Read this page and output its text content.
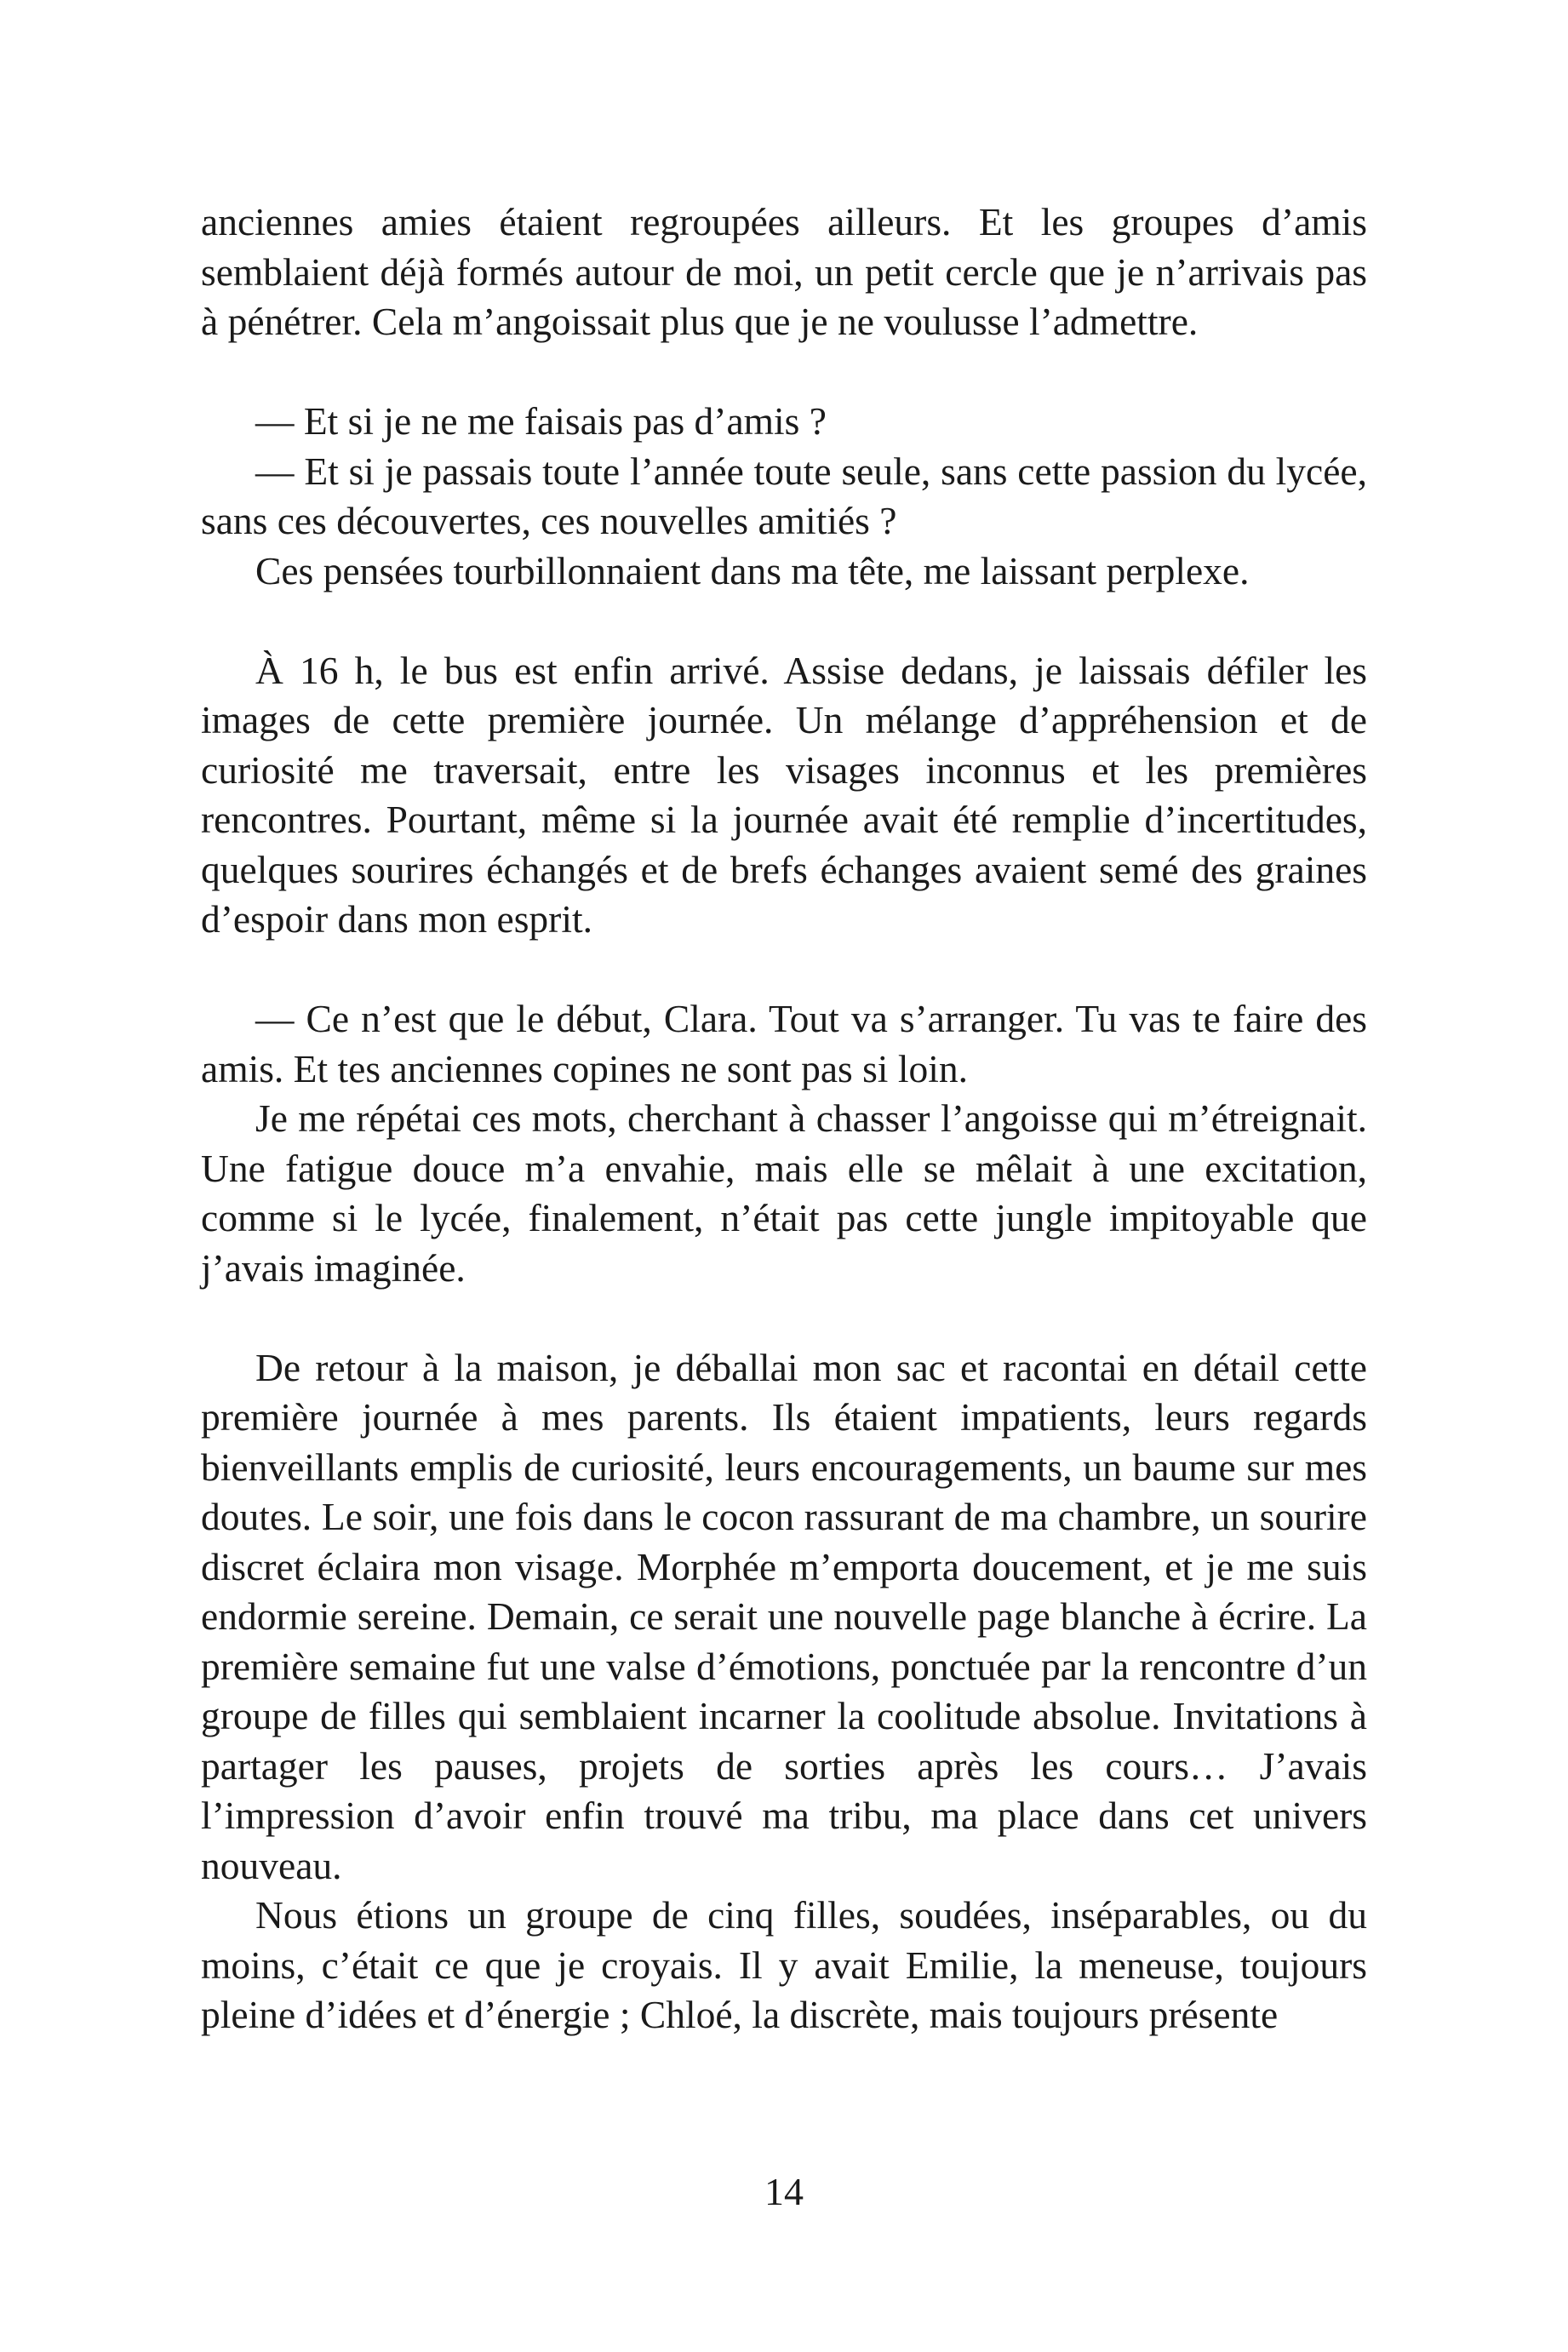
anciennes amies étaient regroupées ailleurs. Et les groupes d’amis semblaient déjà formés autour de moi, un petit cercle que je n’arrivais pas à pénétrer. Cela m’angoissait plus que je ne voulusse l’admettre.

— Et si je ne me faisais pas d’amis ?

— Et si je passais toute l’année toute seule, sans cette passion du lycée, sans ces découvertes, ces nouvelles amitiés ?

Ces pensées tourbillonnaient dans ma tête, me laissant perplexe.

À 16 h, le bus est enfin arrivé. Assise dedans, je laissais défiler les images de cette première journée. Un mélange d’appréhension et de curiosité me traversait, entre les visages inconnus et les premières rencontres. Pourtant, même si la journée avait été remplie d’incertitudes, quelques sourires échangés et de brefs échanges avaient semé des graines d’espoir dans mon esprit.

— Ce n’est que le début, Clara. Tout va s’arranger. Tu vas te faire des amis. Et tes anciennes copines ne sont pas si loin.

Je me répétai ces mots, cherchant à chasser l’angoisse qui m’étreignait. Une fatigue douce m’a envahie, mais elle se mêlait à une excitation, comme si le lycée, finalement, n’était pas cette jungle impitoyable que j’avais imaginée.

De retour à la maison, je déballai mon sac et racontai en détail cette première journée à mes parents. Ils étaient impatients, leurs regards bienveillants emplis de curiosité, leurs encouragements, un baume sur mes doutes. Le soir, une fois dans le cocon rassurant de ma chambre, un sourire discret éclaira mon visage. Morphée m’emporta doucement, et je me suis endormie sereine. Demain, ce serait une nouvelle page blanche à écrire. La première semaine fut une valse d’émotions, ponctuée par la rencontre d’un groupe de filles qui semblaient incarner la coolitude absolue. Invitations à partager les pauses, projets de sorties après les cours… J’avais l’impression d’avoir enfin trouvé ma tribu, ma place dans cet univers nouveau.

Nous étions un groupe de cinq filles, soudées, inséparables, ou du moins, c’était ce que je croyais. Il y avait Emilie, la meneuse, toujours pleine d’idées et d’énergie ; Chloé, la discrète, mais toujours présente

14
